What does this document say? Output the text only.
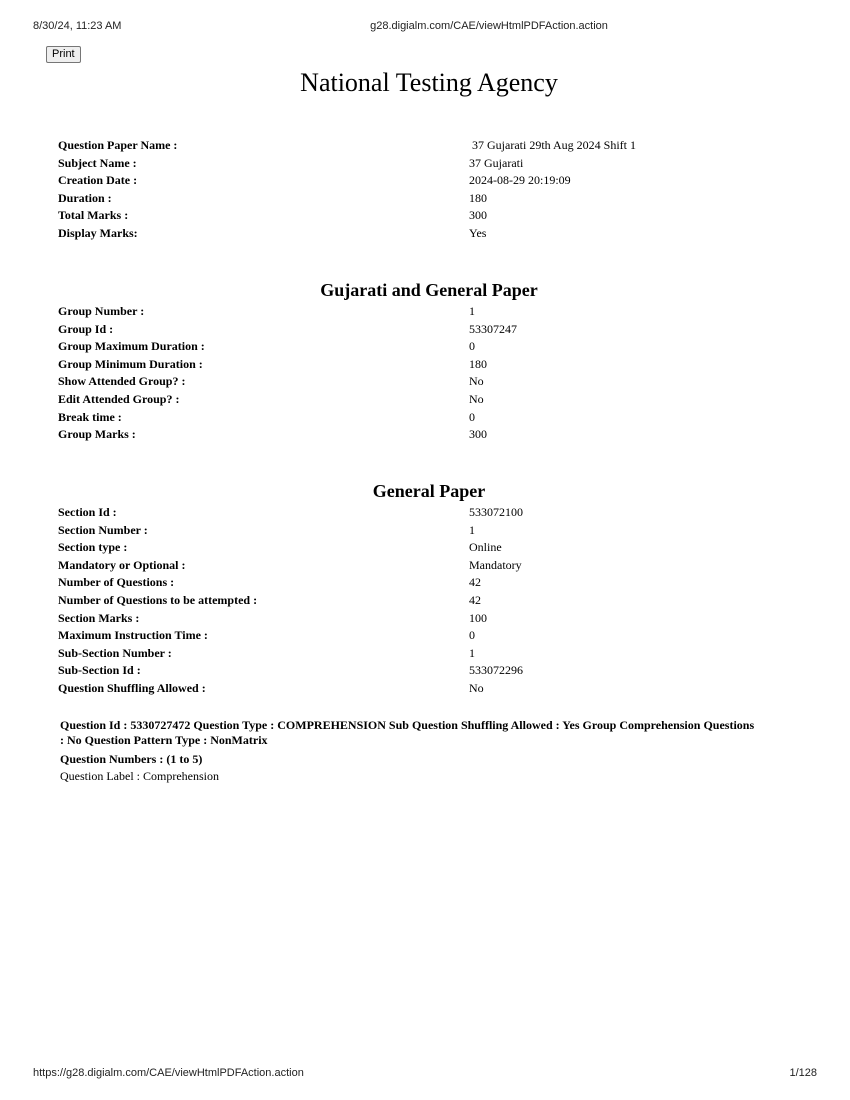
8/30/24, 11:23 AM	g28.digialm.com/CAE/viewHtmlPDFAction.action
Print
National Testing Agency
Question Paper Name :	37 Gujarati 29th Aug 2024 Shift 1
Subject Name :	37 Gujarati
Creation Date :	2024-08-29 20:19:09
Duration :	180
Total Marks :	300
Display Marks:	Yes
Gujarati and General Paper
Group Number :	1
Group Id :	53307247
Group Maximum Duration :	0
Group Minimum Duration :	180
Show Attended Group? :	No
Edit Attended Group? :	No
Break time :	0
Group Marks :	300
General Paper
Section Id :	533072100
Section Number :	1
Section type :	Online
Mandatory or Optional :	Mandatory
Number of Questions :	42
Number of Questions to be attempted :	42
Section Marks :	100
Maximum Instruction Time :	0
Sub-Section Number :	1
Sub-Section Id :	533072296
Question Shuffling Allowed :	No
Question Id : 5330727472 Question Type : COMPREHENSION Sub Question Shuffling Allowed : Yes Group Comprehension Questions : No Question Pattern Type : NonMatrix
Question Numbers : (1 to 5)
Question Label : Comprehension
https://g28.digialm.com/CAE/viewHtmlPDFAction.action	1/128
